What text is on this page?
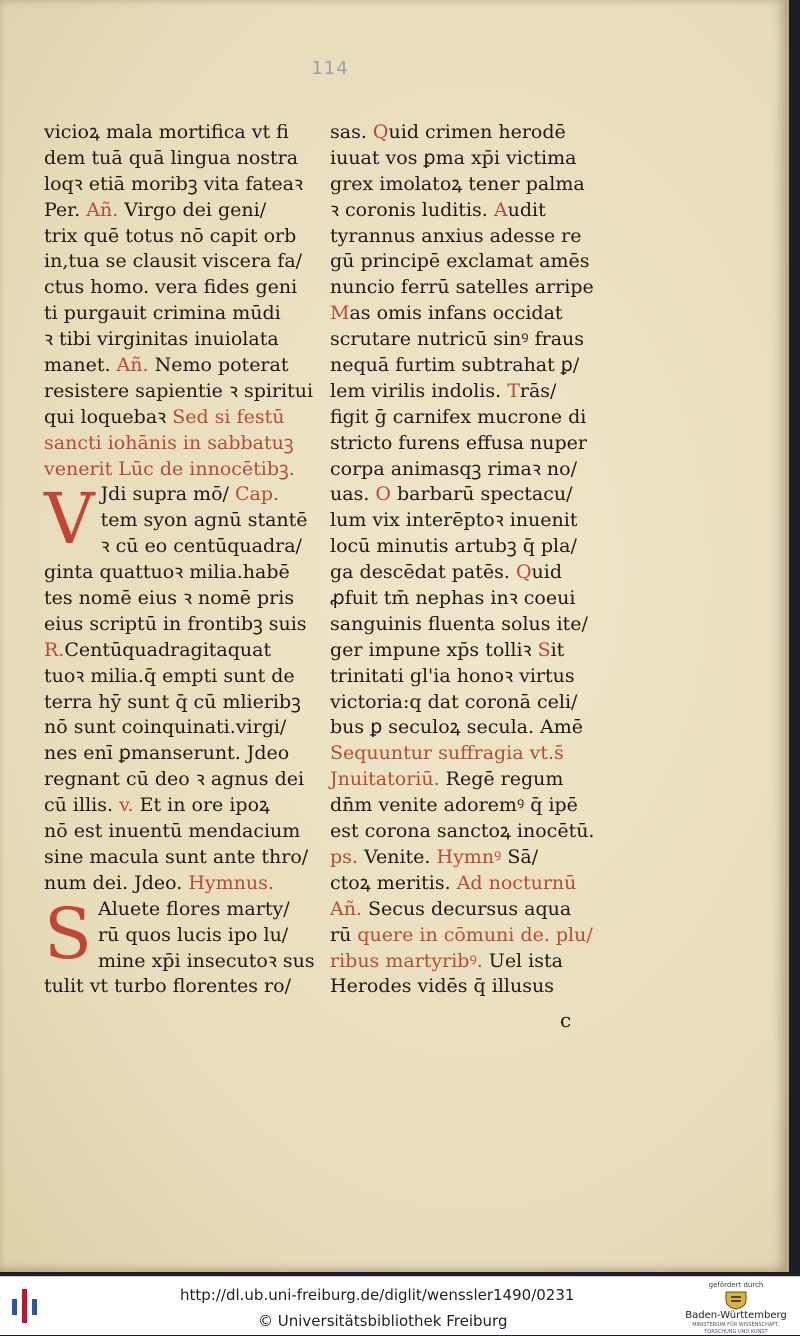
114
vicioꝝ mala mortifica vt fi
dem tuā quā lingua nostra
loqꝛ etiā moribꝫ vita fateaꝛ
Per. Añ. Virgo dei geni/
trix quē totus nō capit orb
in,tua se clausit viscera fa/
ctus homo. vera fides geni
ti purgauit crimina mūdi
ꝛ tibi virginitas inuiolata
manet. Añ. Nemo poterat
resistere sapientie ꝛ spiritui
qui loquebaꝛ Sed si festū
sancti iohānis in sabbatuꝫ
venerit Lūc de innocētibꝫ.
V Jdi supra mō/ Cap.
tem syon agnū stantē
ꝛ cū eo centūquadra/
ginta quattuoꝛ milia.habē
tes nomē eius ꝛ nomē pris
eius scriptū in frontibꝫ suis
R.Centūquadragitaquat
tuoꝛ milia.q̄ empti sunt de
terra hȳ sunt q̄ cū mlieribꝫ
nō sunt coinquinati.virgi/
nes enī ꝑmanserunt. Jdeo
regnant cū deo ꝛ agnus dei
cū illis. v. Et in ore ipoꝝ
nō est inuentū mendacium
sine macula sunt ante thro/
num dei. Jdeo. Hymnus.
S Aluete flores marty/
rū quos lucis ipo lu/
mine xp̄i insecutoꝛ sus
tulit vt turbo florentes ro/
sas. Quid crimen herodē
iuuat vos ꝑma xp̄i victima
grex imolatoꝝ tener palma
ꝛ coronis luditis. Audit
tyrannus anxius adesse re
gū principē exclamat amēs
nuncio ferrū satelles arripe
Mas omis infans occidat
scrutare nutricū sinꝰ fraus
nequā furtim subtrahat ꝑ/
lem virilis indolis. Trās/
figit ḡ carnifex mucrone di
stricto furens effusa nuper
corpa animasqꝫ rimaꝛ no/
uas. O barbarū spectacu/
lum vix interēptoꝛ inuenit
locū minutis artubꝫ q̄ pla/
ga descēdat patēs. Quid
ꝓfuit tm̄ nephas inꝛ coeui
sanguinis fluenta solus ite/
ger impune xp̄s tolliꝛ Sit
trinitati gl'ia honoꝛ virtus
victoria:q dat coronā celi/
bus ꝑ seculoꝝ secula. Amē
Sequuntur suffragia vt.s̄
Jnuitatoriū. Regē regum
dn̄m venite adoremꝰ q̄ ipē
est corona sanctoꝝ inocētū.
ps. Venite. Hymnꝰ Sā/
ctoꝝ meritis. Ad nocturnū
Añ. Secus decursus aqua
rū quere in cōmuni de. plu/
ribus martyribꝰ. Uel ista
Herodes vidēs q̄ illusus
c
http://dl.ub.uni-freiburg.de/diglit/wenssler1490/0231
© Universitätsbibliothek Freiburg
gefördert durch
Baden-Württemberg
MINISTERIUM FÜR WISSENSCHAFT, FORSCHUNG UND KUNST
